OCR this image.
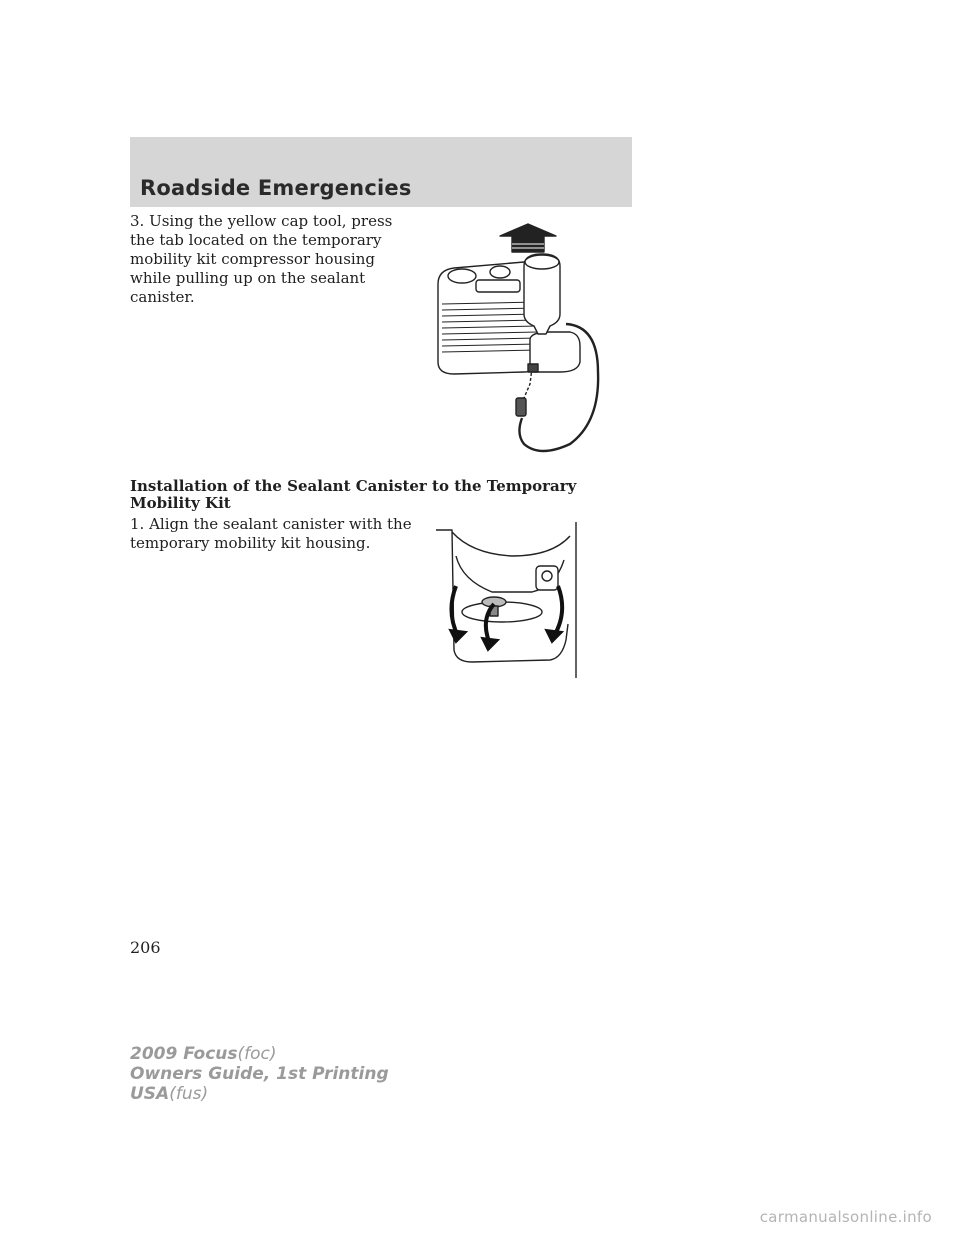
Roadside Emergencies

3. Using the yellow cap tool, press the tab located on the temporary mobility kit compressor housing while pulling up on the sealant canister.

Installation of the Sealant Canister to the Temporary Mobility Kit

1. Align the sealant canister with the temporary mobility kit housing.

206

2009 Focus(foc)
Owners Guide, 1st Printing
USA(fus)

carmanualsonline.info
